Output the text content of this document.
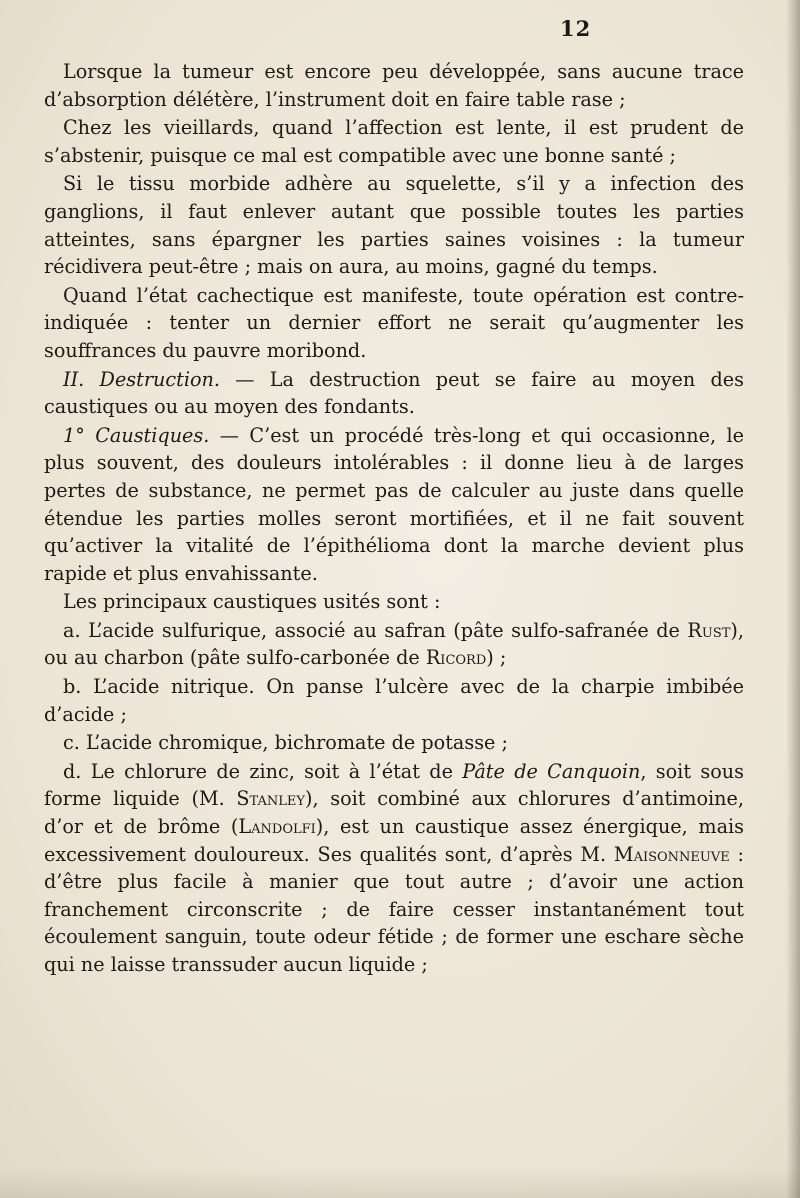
12

Lorsque la tumeur est encore peu développée, sans aucune trace d’absorption délétère, l’instrument doit en faire table rase ;

Chez les vieillards, quand l’affection est lente, il est prudent de s’abstenir, puisque ce mal est compatible avec une bonne santé ;

Si le tissu morbide adhère au squelette, s’il y a infection des ganglions, il faut enlever autant que possible toutes les parties atteintes, sans épargner les parties saines voisines : la tumeur récidivera peut-être ; mais on aura, au moins, gagné du temps.

Quand l’état cachectique est manifeste, toute opération est contre-indiquée : tenter un dernier effort ne serait qu’augmenter les souffrances du pauvre moribond.

II. Destruction. — La destruction peut se faire au moyen des caustiques ou au moyen des fondants.

1° Caustiques. — C’est un procédé très-long et qui occasionne, le plus souvent, des douleurs intolérables : il donne lieu à de larges pertes de substance, ne permet pas de calculer au juste dans quelle étendue les parties molles seront mortifiées, et il ne fait souvent qu’activer la vitalité de l’épithélioma dont la marche devient plus rapide et plus envahissante.

Les principaux caustiques usités sont :

a. L’acide sulfurique, associé au safran (pâte sulfo-safranée de Rust), ou au charbon (pâte sulfo-carbonée de Ricord) ;

b. L’acide nitrique. On panse l’ulcère avec de la charpie imbibée d’acide ;

c. L’acide chromique, bichromate de potasse ;

d. Le chlorure de zinc, soit à l’état de Pâte de Canquoin, soit sous forme liquide (M. Stanley), soit combiné aux chlorures d’antimoine, d’or et de brôme (Landolfi), est un caustique assez énergique, mais excessivement douloureux. Ses qualités sont, d’après M. Maisonneuve : d’être plus facile à manier que tout autre ; d’avoir une action franchement circonscrite ; de faire cesser instantanément tout écoulement sanguin, toute odeur fétide ; de former une eschare sèche qui ne laisse transsuder aucun liquide ;
